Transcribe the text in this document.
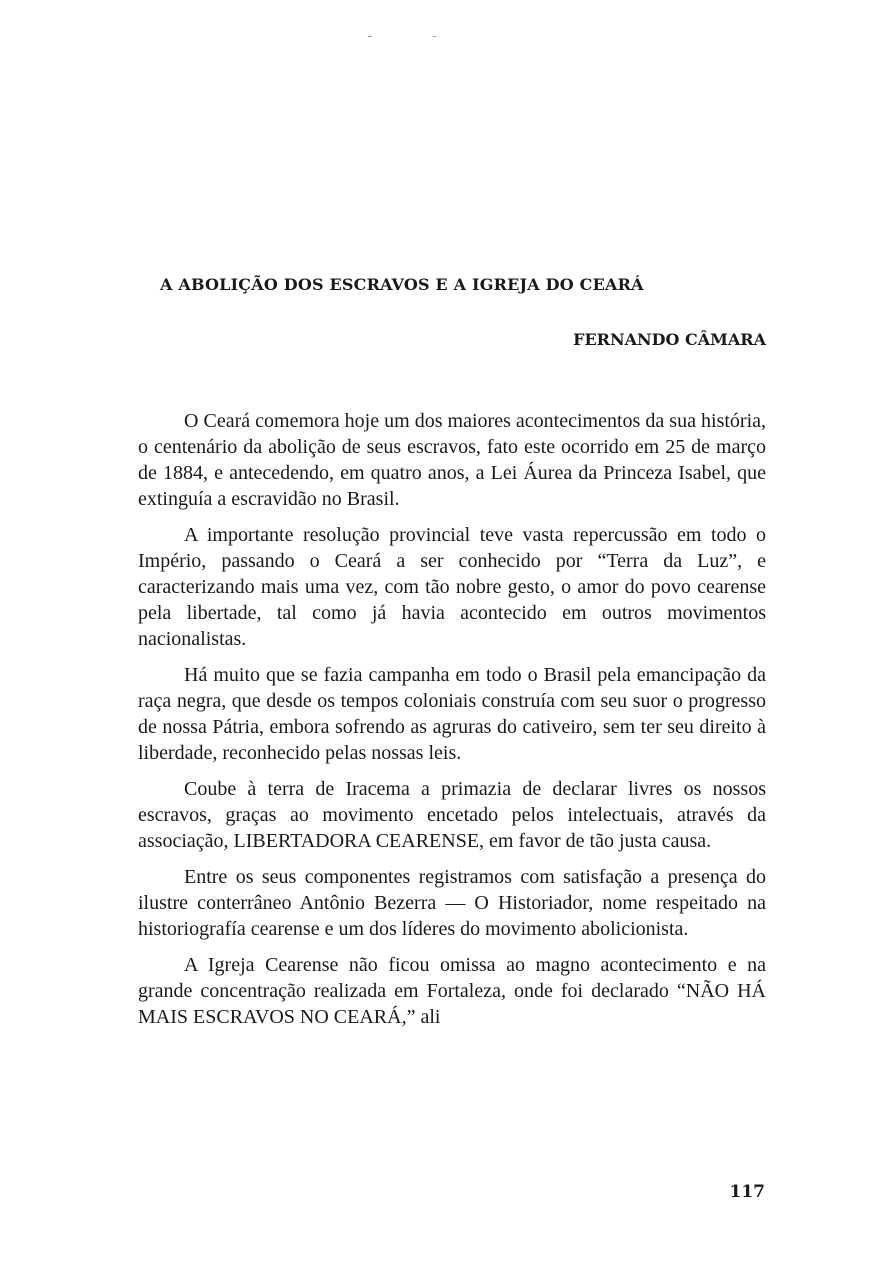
A ABOLIÇÃO DOS ESCRAVOS E A IGREJA DO CEARÁ

FERNANDO CÂMARA

O Ceará comemora hoje um dos maiores acontecimentos da sua história, o centenário da abolição de seus escravos, fato este ocorrido em 25 de março de 1884, e antecedendo, em quatro anos, a Lei Áurea da Princeza Isabel, que extinguía a escravidão no Brasil.

A importante resolução provincial teve vasta repercussão em todo o Império, passando o Ceará a ser conhecido por “Terra da Luz”, e caracterizando mais uma vez, com tão nobre gesto, o amor do povo cearense pela libertade, tal como já havia acontecido em outros movimentos nacionalistas.

Há muito que se fazia campanha em todo o Brasil pela emancipação da raça negra, que desde os tempos coloniais construía com seu suor o progresso de nossa Pátria, embora sofrendo as agruras do cativeiro, sem ter seu direito à liberdade, reconhecido pelas nossas leis.

Coube à terra de Iracema a primazia de declarar livres os nossos escravos, graças ao movimento encetado pelos intelectuais, através da associação, LIBERTADORA CEARENSE, em favor de tão justa causa.

Entre os seus componentes registramos com satisfação a presença do ilustre conterrâneo Antônio Bezerra — O Historiador, nome respeitado na historiografía cearense e um dos líderes do movimento abolicionista.

A Igreja Cearense não ficou omissa ao magno acontecimento e na grande concentração realizada em Fortaleza, onde foi declarado “NÃO HÁ MAIS ESCRAVOS NO CEARÁ,” ali

117
